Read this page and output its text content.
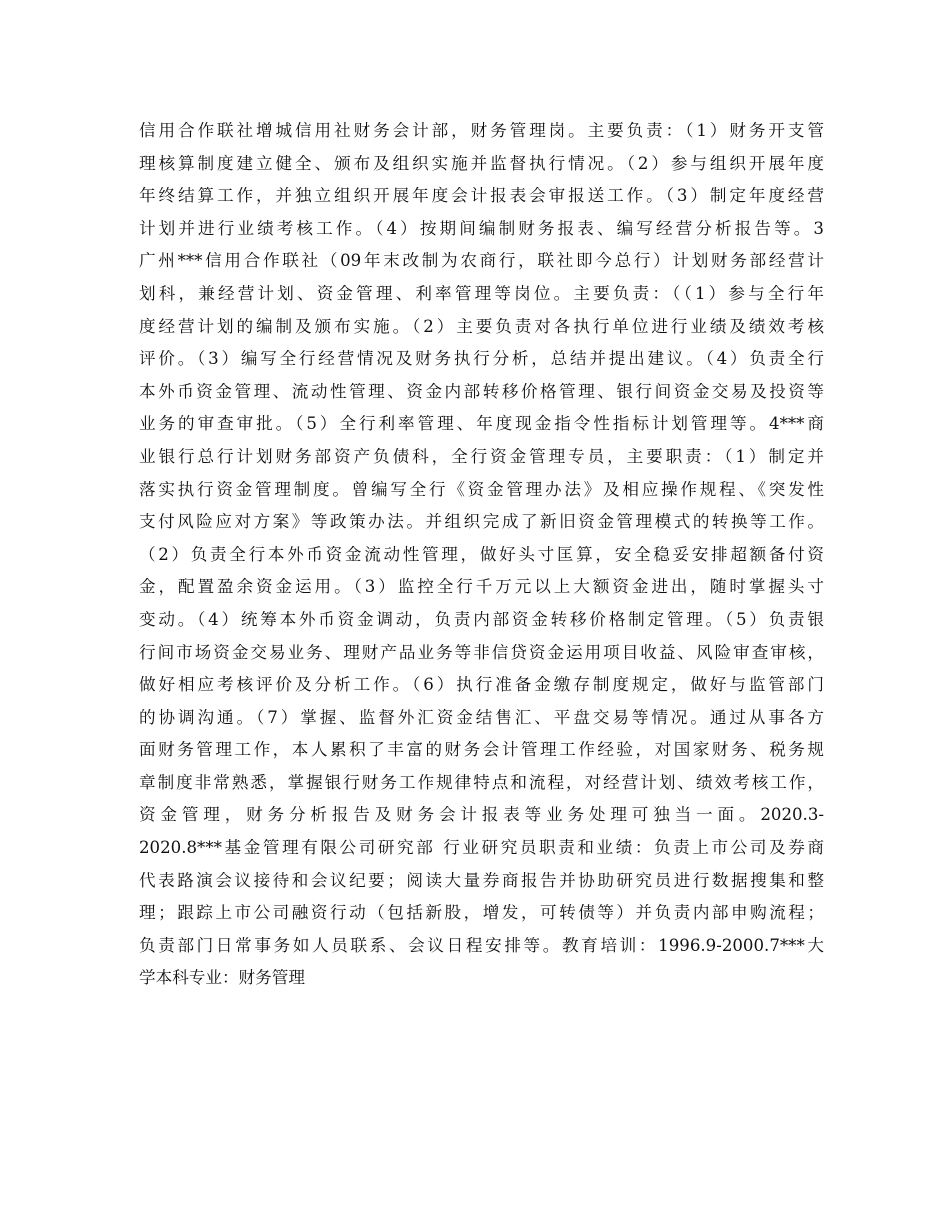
信用合作联社增城信用社财务会计部，财务管理岗。主要负责：（1）财务开支管
理核算制度建立健全、颁布及组织实施并监督执行情况。（2）参与组织开展年度
年终结算工作，并独立组织开展年度会计报表会审报送工作。（3）制定年度经营
计划并进行业绩考核工作。（4）按期间编制财务报表、编写经营分析报告等。3
广州***信用合作联社（09年末改制为农商行，联社即今总行）计划财务部经营计
划科，兼经营计划、资金管理、利率管理等岗位。主要负责：（（1）参与全行年
度经营计划的编制及颁布实施。（2）主要负责对各执行单位进行业绩及绩效考核
评价。（3）编写全行经营情况及财务执行分析，总结并提出建议。（4）负责全行
本外币资金管理、流动性管理、资金内部转移价格管理、银行间资金交易及投资等
业务的审查审批。（5）全行利率管理、年度现金指令性指标计划管理等。4***商
业银行总行计划财务部资产负债科，全行资金管理专员，主要职责：（1）制定并
落实执行资金管理制度。曾编写全行《资金管理办法》及相应操作规程、《突发性
支付风险应对方案》等政策办法。并组织完成了新旧资金管理模式的转换等工作。
（2）负责全行本外币资金流动性管理，做好头寸匡算，安全稳妥安排超额备付资
金，配置盈余资金运用。（3）监控全行千万元以上大额资金进出，随时掌握头寸
变动。（4）统筹本外币资金调动，负责内部资金转移价格制定管理。（5）负责银
行间市场资金交易业务、理财产品业务等非信贷资金运用项目收益、风险审查审核，
做好相应考核评价及分析工作。（6）执行准备金缴存制度规定，做好与监管部门
的协调沟通。（7）掌握、监督外汇资金结售汇、平盘交易等情况。通过从事各方
面财务管理工作，本人累积了丰富的财务会计管理工作经验，对国家财务、税务规
章制度非常熟悉，掌握银行财务工作规律特点和流程，对经营计划、绩效考核工作，
资金管理，财务分析报告及财务会计报表等业务处理可独当一面。2020.3-
2020.8***基金管理有限公司研究部 行业研究员职责和业绩：负责上市公司及券商
代表路演会议接待和会议纪要；阅读大量券商报告并协助研究员进行数据搜集和整
理；跟踪上市公司融资行动（包括新股，增发，可转债等）并负责内部申购流程；
负责部门日常事务如人员联系、会议日程安排等。教育培训：1996.9-2000.7***大
学本科专业：财务管理
